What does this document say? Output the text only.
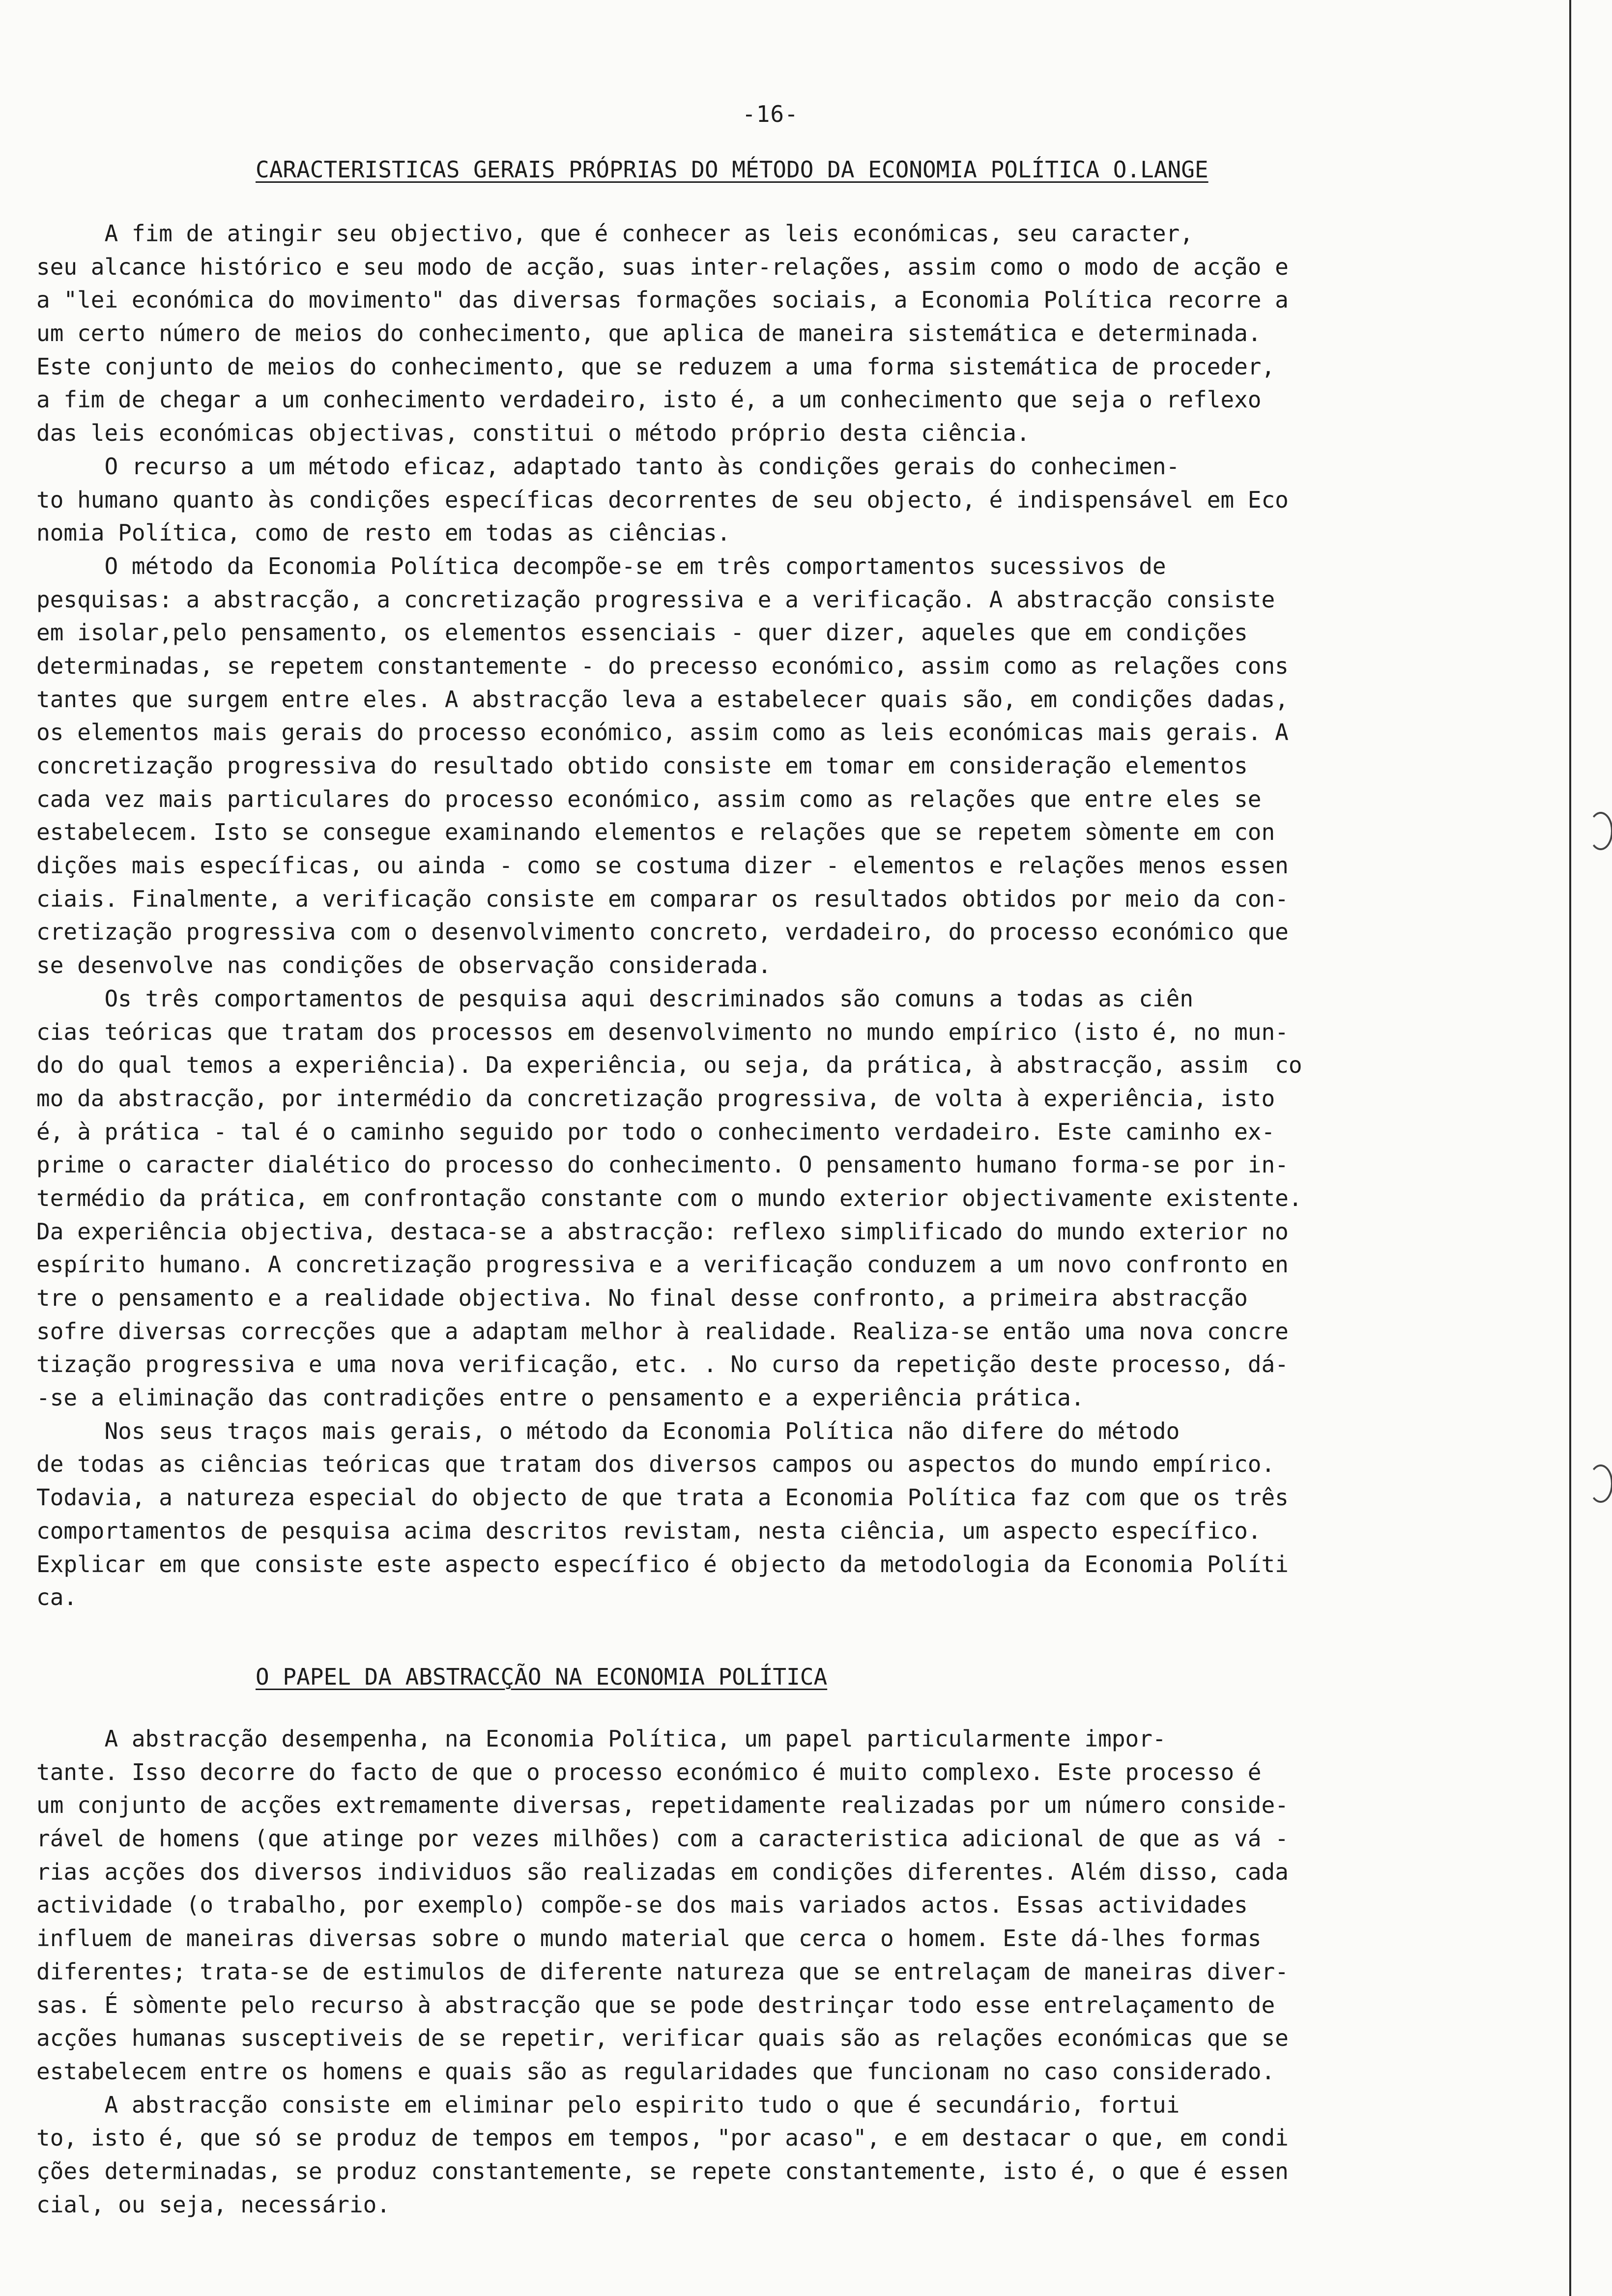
-16-
CARACTERISTICAS GERAIS PRÓPRIAS DO MÉTODO DA ECONOMIA POLÍTICA O.LANGE
A fim de atingir seu objectivo, que é conhecer as leis económicas, seu caracter,
seu alcance histórico e seu modo de acção, suas inter-relações, assim como o modo de acção e
a "lei económica do movimento" das diversas formações sociais, a Economia Política recorre a
um certo número de meios do conhecimento, que aplica de maneira sistemática e determinada.
Este conjunto de meios do conhecimento, que se reduzem a uma forma sistemática de proceder,
a fim de chegar a um conhecimento verdadeiro, isto é, a um conhecimento que seja o reflexo
das leis económicas objectivas, constitui o método próprio desta ciência.
O recurso a um método eficaz, adaptado tanto às condições gerais do conhecimen-
to humano quanto às condições específicas decorrentes de seu objecto, é indispensável em Eco
nomia Política, como de resto em todas as ciências.
O método da Economia Política decompõe-se em três comportamentos sucessivos de
pesquisas: a abstracção, a concretização progressiva e a verificação. A abstracção consiste
em isolar,pelo pensamento, os elementos essenciais - quer dizer, aqueles que em condições
determinadas, se repetem constantemente - do precesso económico, assim como as relações cons
tantes que surgem entre eles. A abstracção leva a estabelecer quais são, em condições dadas,
os elementos mais gerais do processo económico, assim como as leis económicas mais gerais. A
concretização progressiva do resultado obtido consiste em tomar em consideração elementos
cada vez mais particulares do processo económico, assim como as relações que entre eles se
estabelecem. Isto se consegue examinando elementos e relações que se repetem sòmente em con
dições mais específicas, ou ainda - como se costuma dizer - elementos e relações menos essen
ciais. Finalmente, a verificação consiste em comparar os resultados obtidos por meio da con-
cretização progressiva com o desenvolvimento concreto, verdadeiro, do processo económico que
se desenvolve nas condições de observação considerada.
Os três comportamentos de pesquisa aqui descriminados são comuns a todas as ciên
cias teóricas que tratam dos processos em desenvolvimento no mundo empírico (isto é, no mun-
do do qual temos a experiência). Da experiência, ou seja, da prática, à abstracção, assim  co
mo da abstracção, por intermédio da concretização progressiva, de volta à experiência, isto
é, à prática - tal é o caminho seguido por todo o conhecimento verdadeiro. Este caminho ex-
prime o caracter dialético do processo do conhecimento. O pensamento humano forma-se por in-
termédio da prática, em confrontação constante com o mundo exterior objectivamente existente.
Da experiência objectiva, destaca-se a abstracção: reflexo simplificado do mundo exterior no
espírito humano. A concretização progressiva e a verificação conduzem a um novo confronto en
tre o pensamento e a realidade objectiva. No final desse confronto, a primeira abstracção
sofre diversas correcções que a adaptam melhor à realidade. Realiza-se então uma nova concre
tização progressiva e uma nova verificação, etc. . No curso da repetição deste processo, dá-
-se a eliminação das contradições entre o pensamento e a experiência prática.
Nos seus traços mais gerais, o método da Economia Política não difere do método
de todas as ciências teóricas que tratam dos diversos campos ou aspectos do mundo empírico.
Todavia, a natureza especial do objecto de que trata a Economia Política faz com que os três
comportamentos de pesquisa acima descritos revistam, nesta ciência, um aspecto específico.
Explicar em que consiste este aspecto específico é objecto da metodologia da Economia Políti
ca.
O PAPEL DA ABSTRACÇÃO NA ECONOMIA POLÍTICA
A abstracção desempenha, na Economia Política, um papel particularmente impor-
tante. Isso decorre do facto de que o processo económico é muito complexo. Este processo é
um conjunto de acções extremamente diversas, repetidamente realizadas por um número conside-
rável de homens (que atinge por vezes milhões) com a caracteristica adicional de que as vá -
rias acções dos diversos individuos são realizadas em condições diferentes. Além disso, cada
actividade (o trabalho, por exemplo) compõe-se dos mais variados actos. Essas actividades
influem de maneiras diversas sobre o mundo material que cerca o homem. Este dá-lhes formas
diferentes; trata-se de estimulos de diferente natureza que se entrelaçam de maneiras diver-
sas. É sòmente pelo recurso à abstracção que se pode destrinçar todo esse entrelaçamento de
acções humanas susceptiveis de se repetir, verificar quais são as relações económicas que se
estabelecem entre os homens e quais são as regularidades que funcionam no caso considerado.
A abstracção consiste em eliminar pelo espirito tudo o que é secundário, fortui
to, isto é, que só se produz de tempos em tempos, "por acaso", e em destacar o que, em condi
ções determinadas, se produz constantemente, se repete constantemente, isto é, o que é essen
cial, ou seja, necessário.
